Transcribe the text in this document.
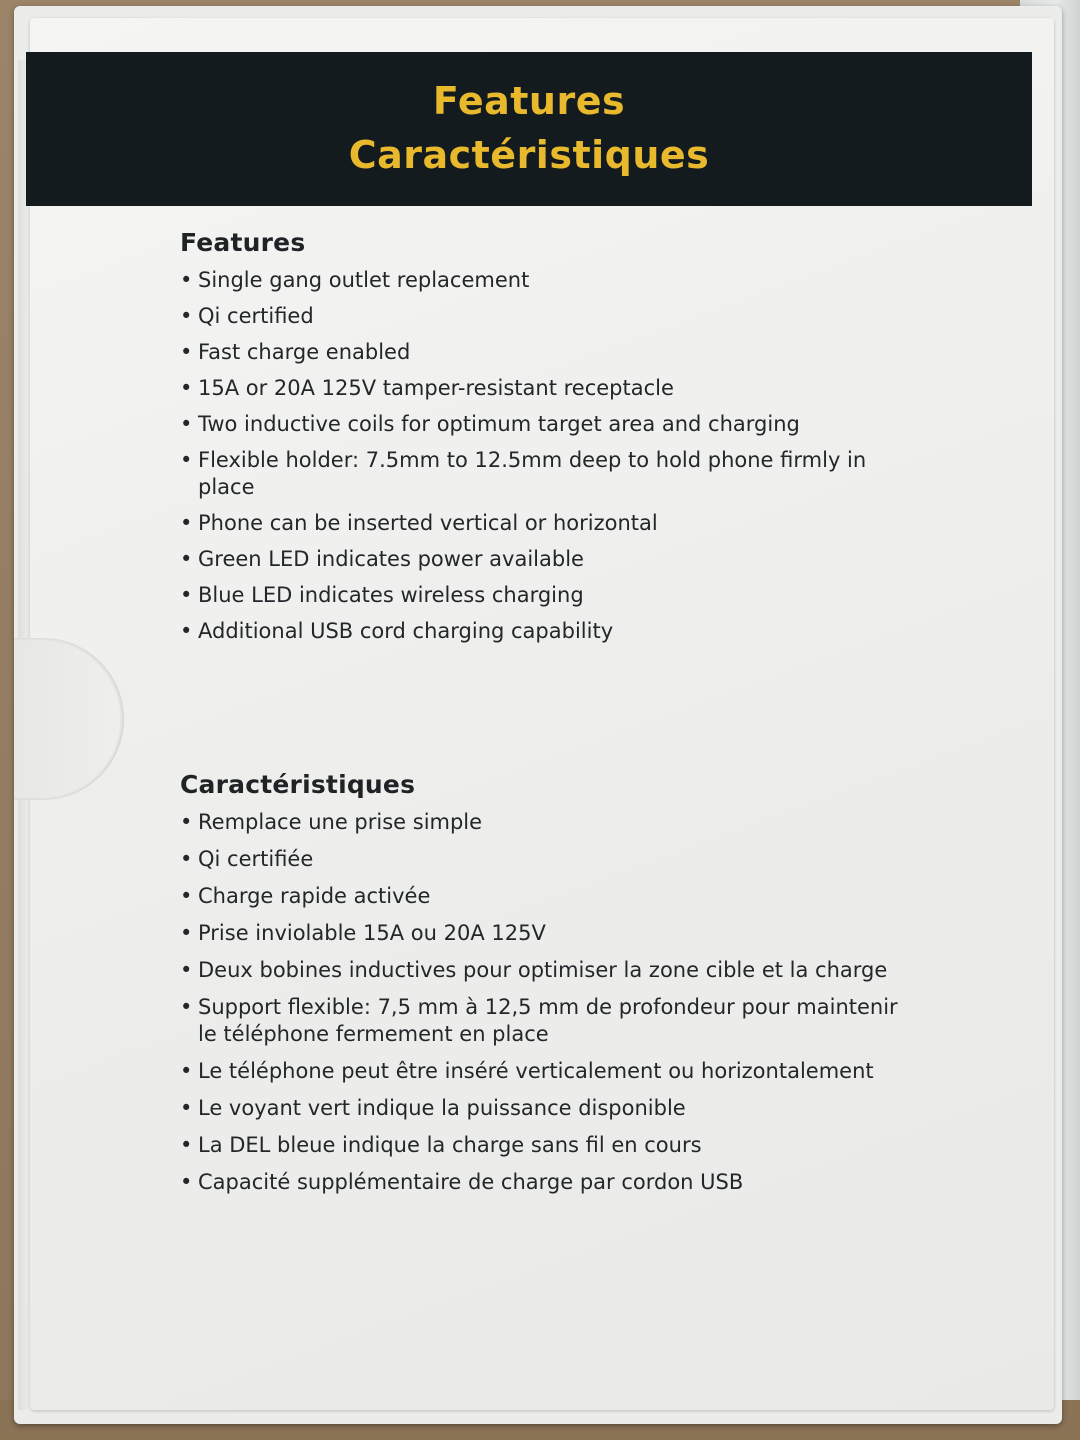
Features
Caractéristiques
Features
• Single gang outlet replacement
• Qi certified
• Fast charge enabled
• 15A or 20A 125V tamper-resistant receptacle
• Two inductive coils for optimum target area and charging
• Flexible holder: 7.5mm to 12.5mm deep to hold phone firmly in place
• Phone can be inserted vertical or horizontal
• Green LED indicates power available
• Blue LED indicates wireless charging
• Additional USB cord charging capability
Caractéristiques
• Remplace une prise simple
• Qi certifiée
• Charge rapide activée
• Prise inviolable 15A ou 20A 125V
• Deux bobines inductives pour optimiser la zone cible et la charge
• Support flexible: 7,5 mm à 12,5 mm de profondeur pour maintenir le téléphone fermement en place
• Le téléphone peut être inséré verticalement ou horizontalement
• Le voyant vert indique la puissance disponible
• La DEL bleue indique la charge sans fil en cours
• Capacité supplémentaire de charge par cordon USB
